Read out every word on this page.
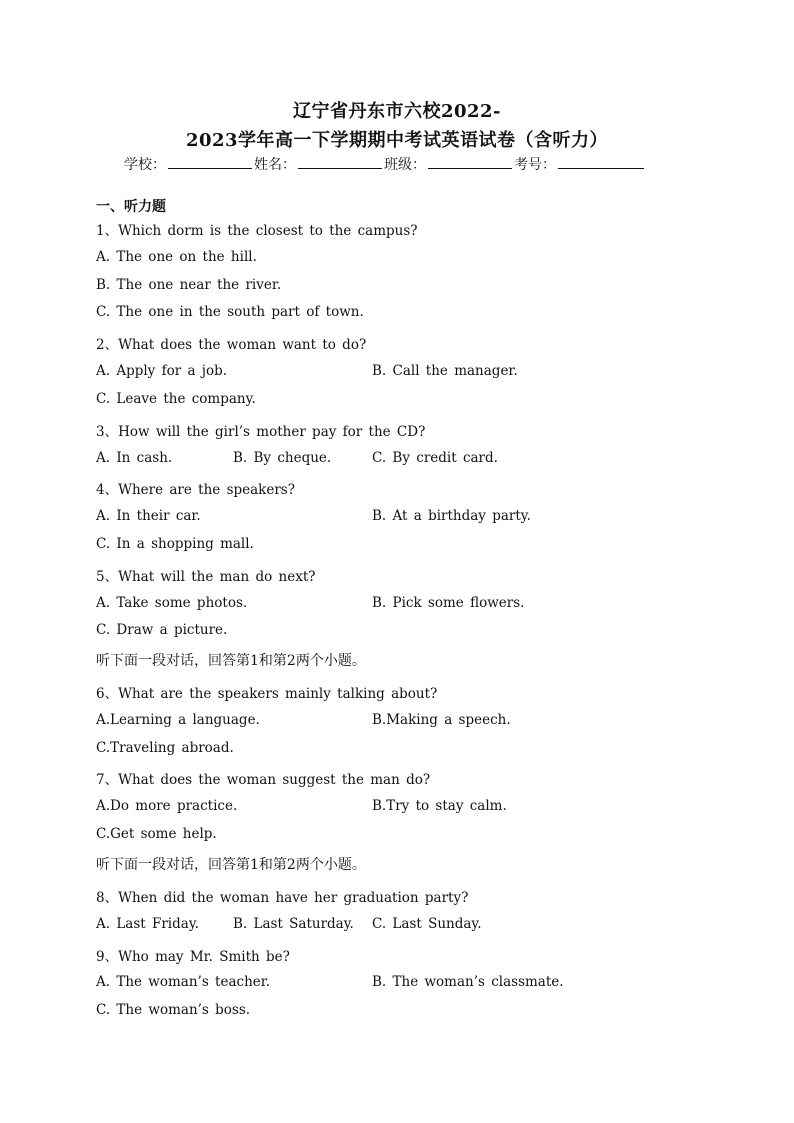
辽宁省丹东市六校2022-
2023学年高一下学期期中考试英语试卷（含听力）
学校：	姓名：	班级：	考号：
一、听力题
1、Which dorm is the closest to the campus?
A. The one on the hill.
B. The one near the river.
C. The one in the south part of town.
2、What does the woman want to do?
A. Apply for a job.	B. Call the manager.
C. Leave the company.
3、How will the girl’s mother pay for the CD?
A. In cash.	B. By cheque.	C. By credit card.
4、Where are the speakers?
A. In their car.	B. At a birthday party.
C. In a shopping mall.
5、What will the man do next?
A. Take some photos.	B. Pick some flowers.
C. Draw a picture.
听下面一段对话，回答第1和第2两个小题。
6、What are the speakers mainly talking about?
A.Learning a language.	B.Making a speech.
C.Traveling abroad.
7、What does the woman suggest the man do?
A.Do more practice.	B.Try to stay calm.
C.Get some help.
听下面一段对话，回答第1和第2两个小题。
8、When did the woman have her graduation party?
A. Last Friday.	B. Last Saturday. C. Last Sunday.
9、Who may Mr. Smith be?
A. The woman’s teacher.	B. The woman’s classmate.
C. The woman’s boss.
